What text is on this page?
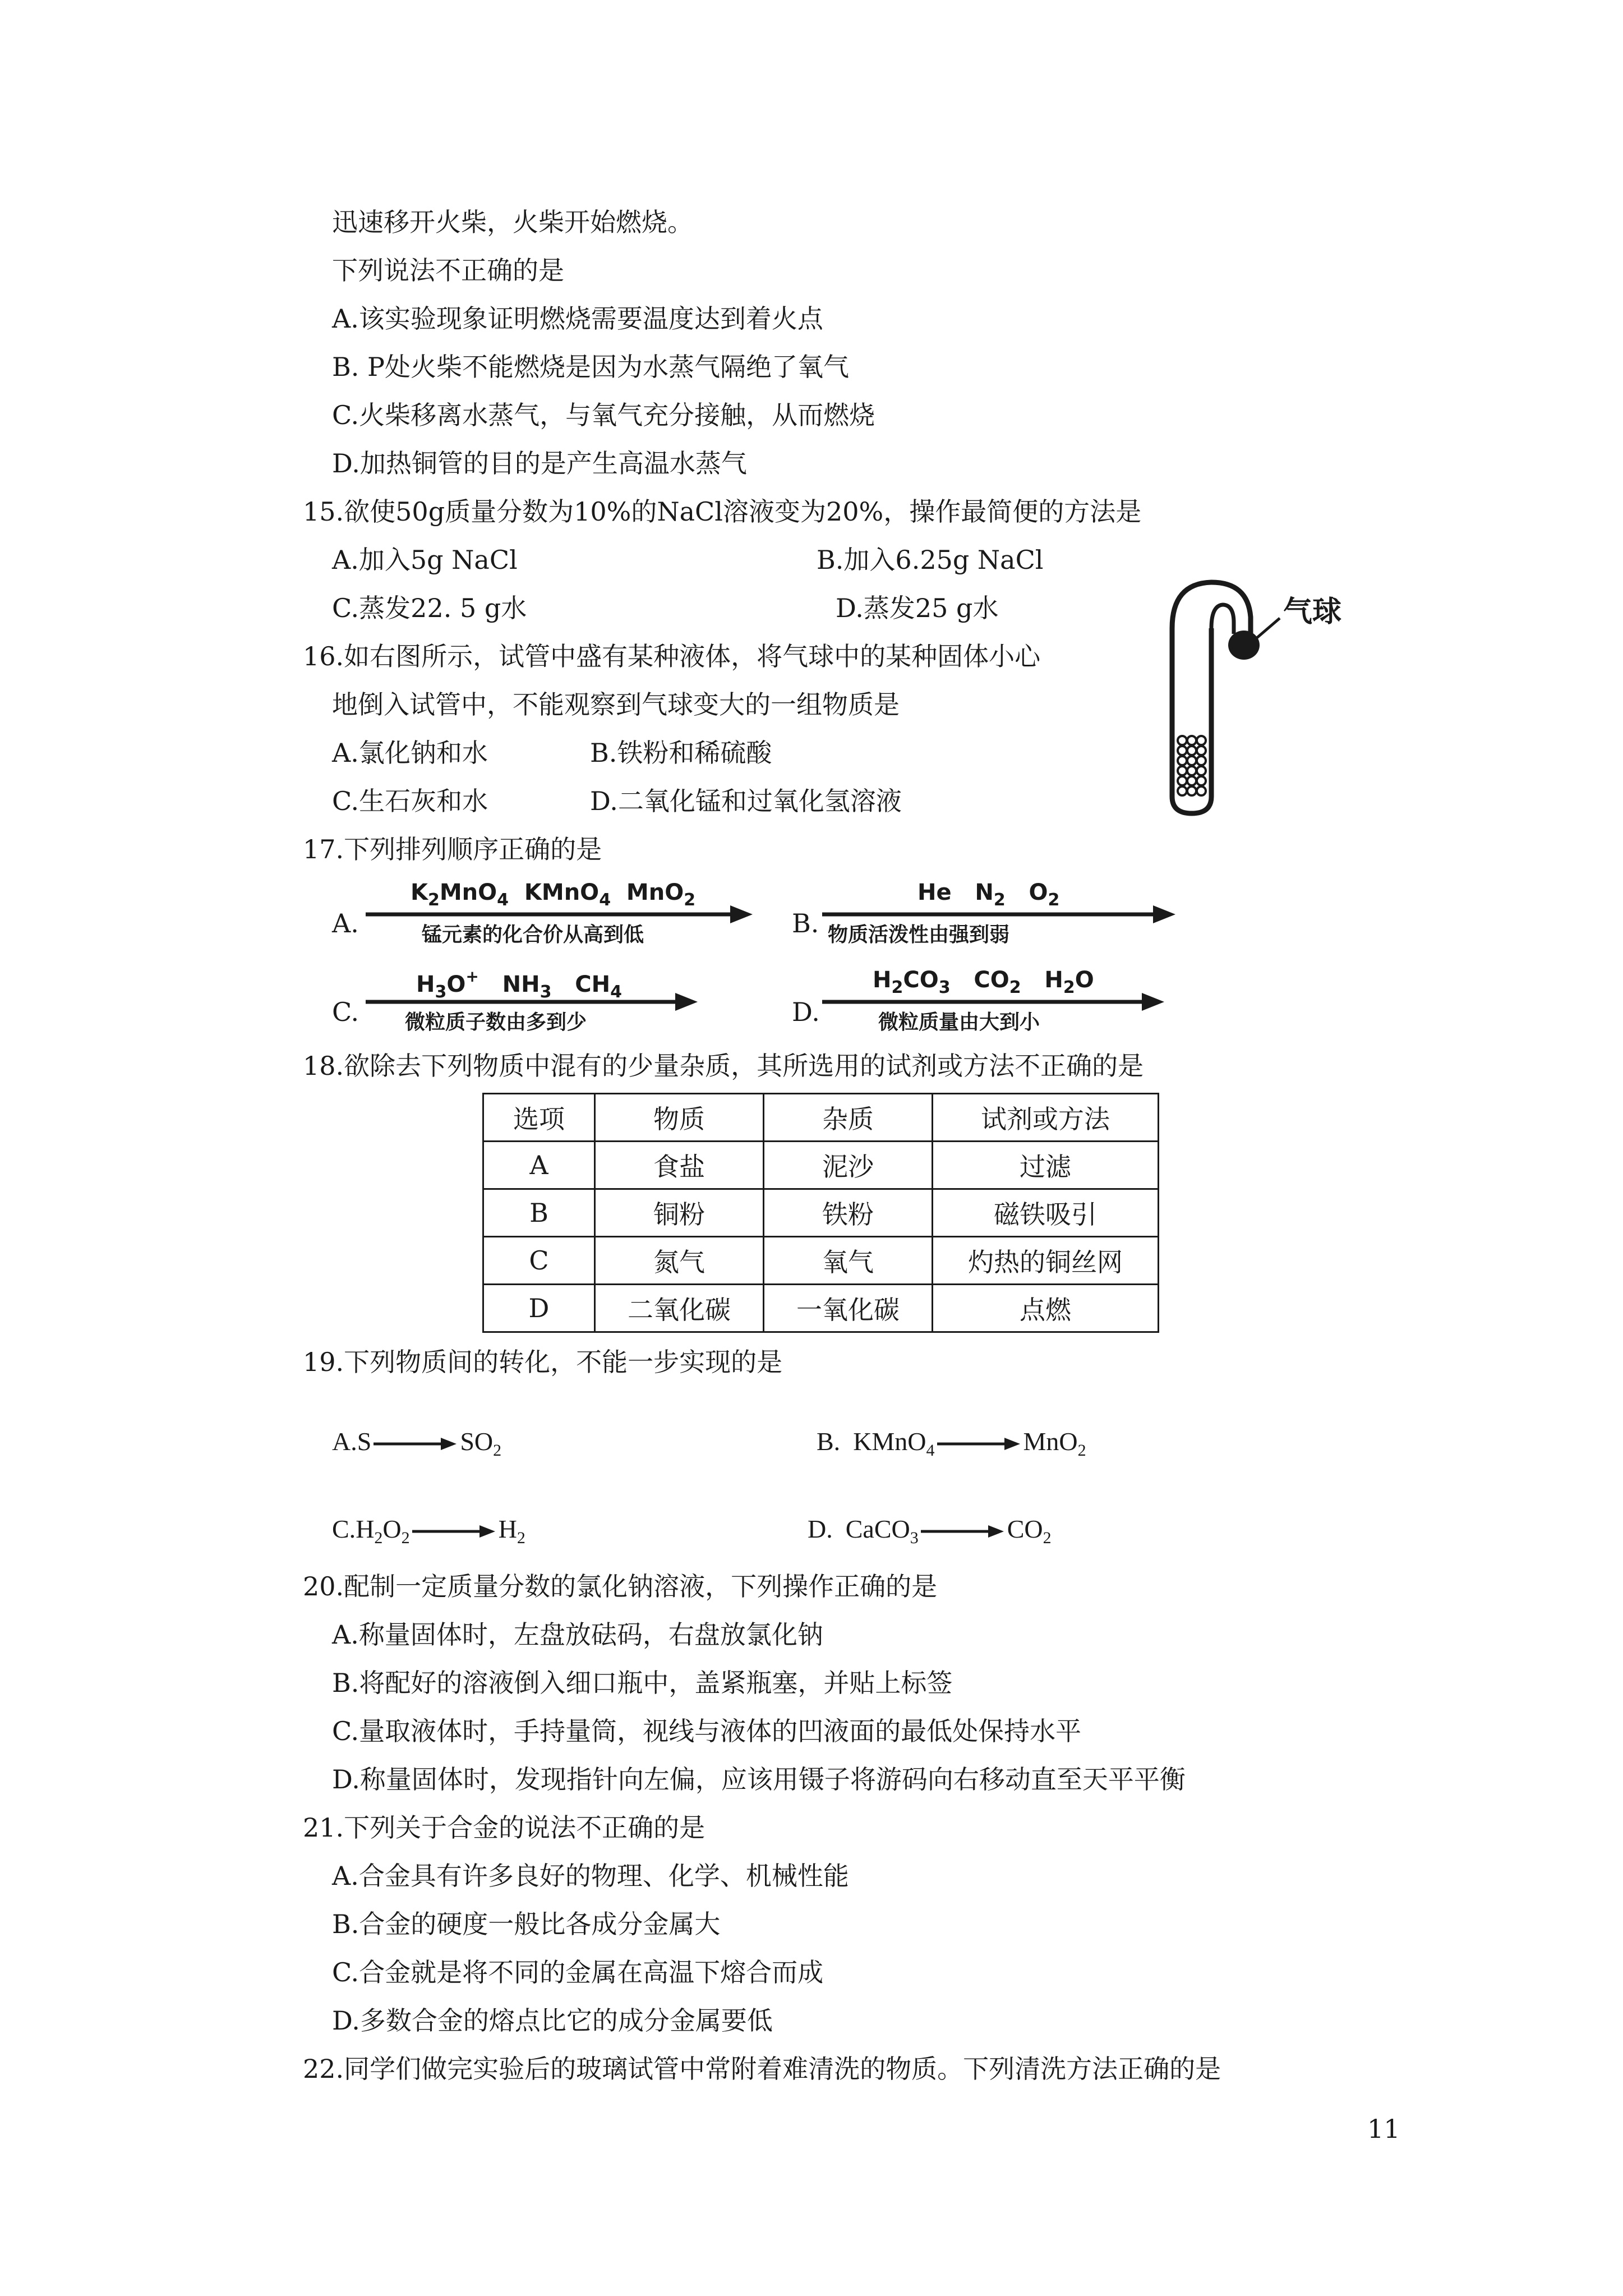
迅速移开火柴，火柴开始燃烧。
下列说法不正确的是
A.该实验现象证明燃烧需要温度达到着火点
B. P处火柴不能燃烧是因为水蒸气隔绝了氧气
C.火柴移离水蒸气，与氧气充分接触，从而燃烧
D.加热铜管的目的是产生高温水蒸气
15.欲使50g质量分数为10%的NaCl溶液变为20%，操作最简便的方法是
A.加入5g NaCl	B.加入6.25g NaCl
C.蒸发22. 5 g水	D.蒸发25 g水
16.如右图所示，试管中盛有某种液体，将气球中的某种固体小心
地倒入试管中，不能观察到气球变大的一组物质是
A.氯化钠和水	B.铁粉和稀硫酸
C.生石灰和水	D.二氧化锰和过氧化氢溶液
气球
17.下列排列顺序正确的是
A.
$K_2MnO_4$  KMnO$_4$  MnO$_2$
锰元素的化合价从高到低	B.
He   $N_2$   $O_2$
物质活泼性由强到弱
C.
$H_3O^+$   $NH_3$   $CH_4$
微粒质子数由多到少	D.
$H_2CO_3$   $CO_2$   $H_2O$
微粒质量由大到小
18.欲除去下列物质中混有的少量杂质，其所选用的试剂或方法不正确的是
选项	物质	杂质	试剂或方法
A	食盐	泥沙	过滤
B	铜粉	铁粉	磁铁吸引
C	氮气	氧气	灼热的铜丝网
D	二氧化碳	一氧化碳	点燃
19.下列物质间的转化，不能一步实现的是
$A.S \to SO_2$	B. KMnO$_4$ → MnO$_2$
$C.H_2O_2 \to H_2$	D. CaCO$_3$ → $CO_2$
20.配制一定质量分数的氯化钠溶液，下列操作正确的是
A.称量固体时，左盘放砝码，右盘放氯化钠
B.将配好的溶液倒入细口瓶中，盖紧瓶塞，并贴上标签
C.量取液体时，手持量筒，视线与液体的凹液面的最低处保持水平
D.称量固体时，发现指针向左偏，应该用镊子将游码向右移动直至天平平衡
21.下列关于合金的说法不正确的是
A.合金具有许多良好的物理、化学、机械性能
B.合金的硬度一般比各成分金属大
C.合金就是将不同的金属在高温下熔合而成
D.多数合金的熔点比它的成分金属要低
22.同学们做完实验后的玻璃试管中常附着难清洗的物质。下列清洗方法正确的是
11
